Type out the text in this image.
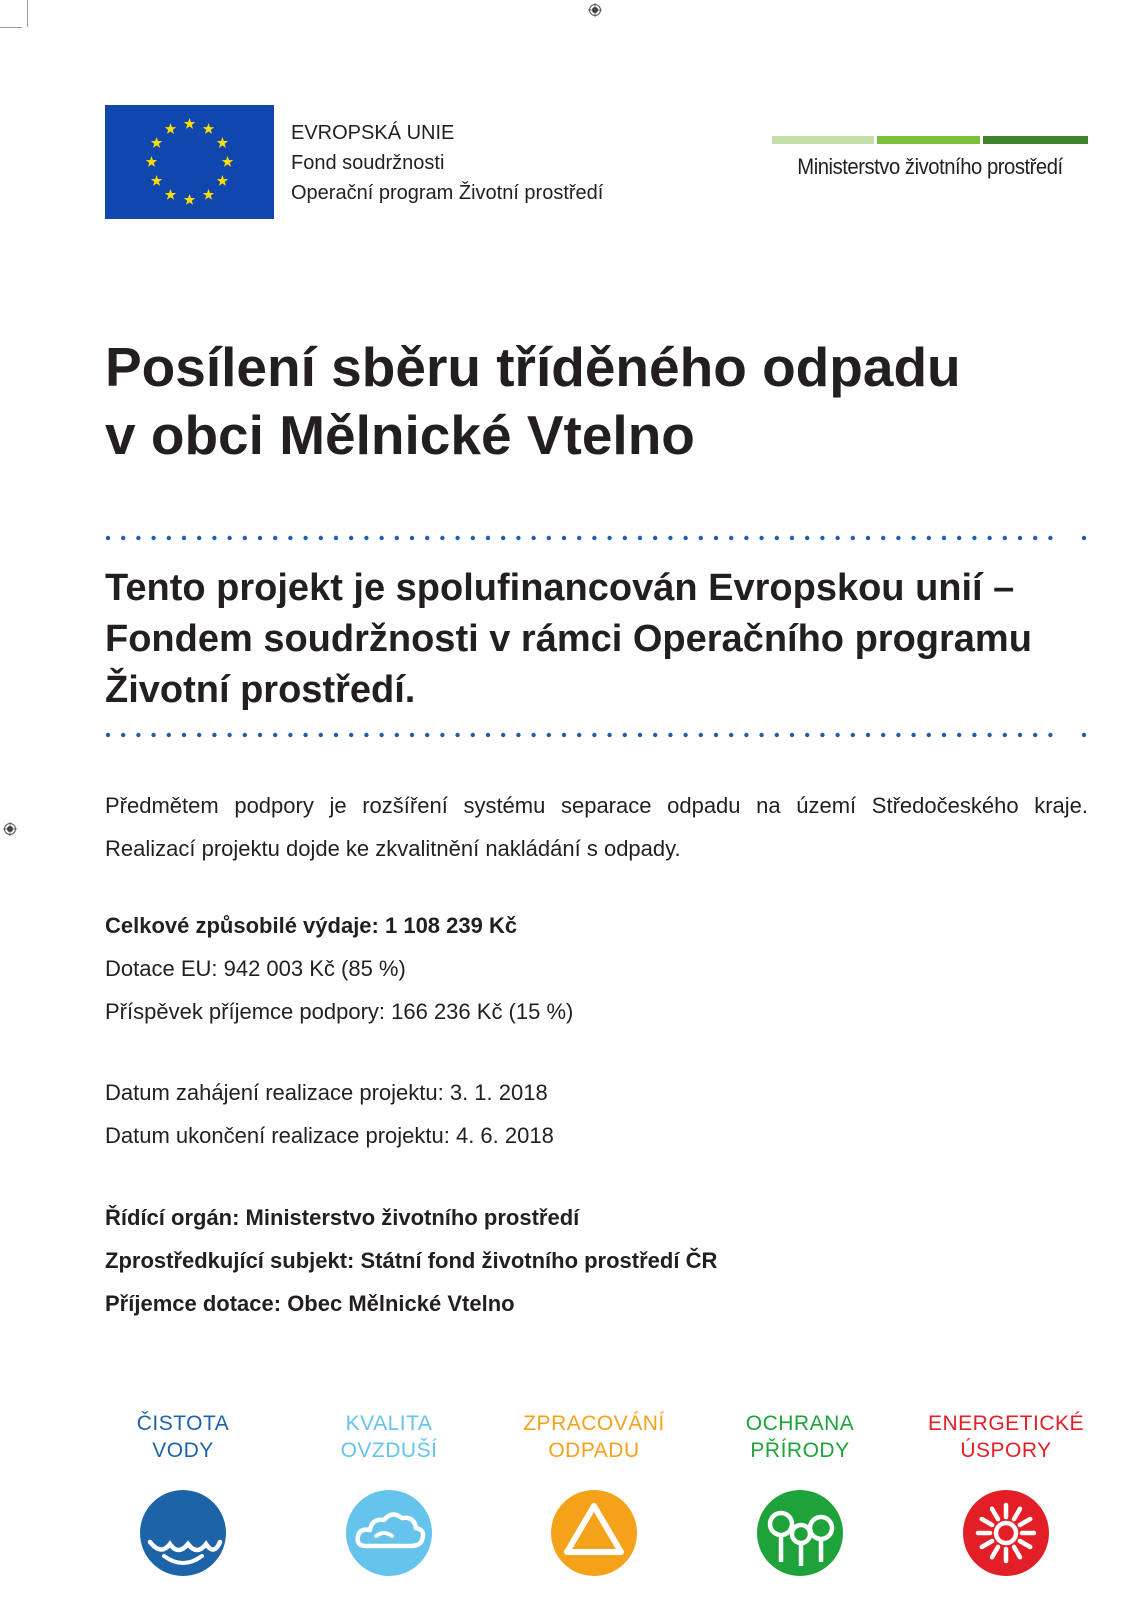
EVROPSKÁ UNIE
Fond soudržnosti
Operační program Životní prostředí
Ministerstvo životního prostředí
Posílení sběru tříděného odpadu
v obci Mělnické Vtelno
Tento projekt je spolufinancován Evropskou unií –
Fondem soudržnosti v rámci Operačního programu
Životní prostředí.
Předmětem podpory je rozšíření systému separace odpadu na území Středočeského kraje. Realizací projektu dojde ke zkvalitnění nakládání s odpady.
Celkové způsobilé výdaje: 1 108 239 Kč
Dotace EU: 942 003 Kč (85 %)
Příspěvek příjemce podpory: 166 236 Kč (15 %)
Datum zahájení realizace projektu: 3. 1. 2018
Datum ukončení realizace projektu: 4. 6. 2018
Řídící orgán: Ministerstvo životního prostředí
Zprostředkující subjekt: Státní fond životního prostředí ČR
Příjemce dotace: Obec Mělnické Vtelno
ČISTOTA
VODY
KVALITA
OVZDUŠÍ
ZPRACOVÁNÍ
ODPADU
OCHRANA
PŘÍRODY
ENERGETICKÉ
ÚSPORY
